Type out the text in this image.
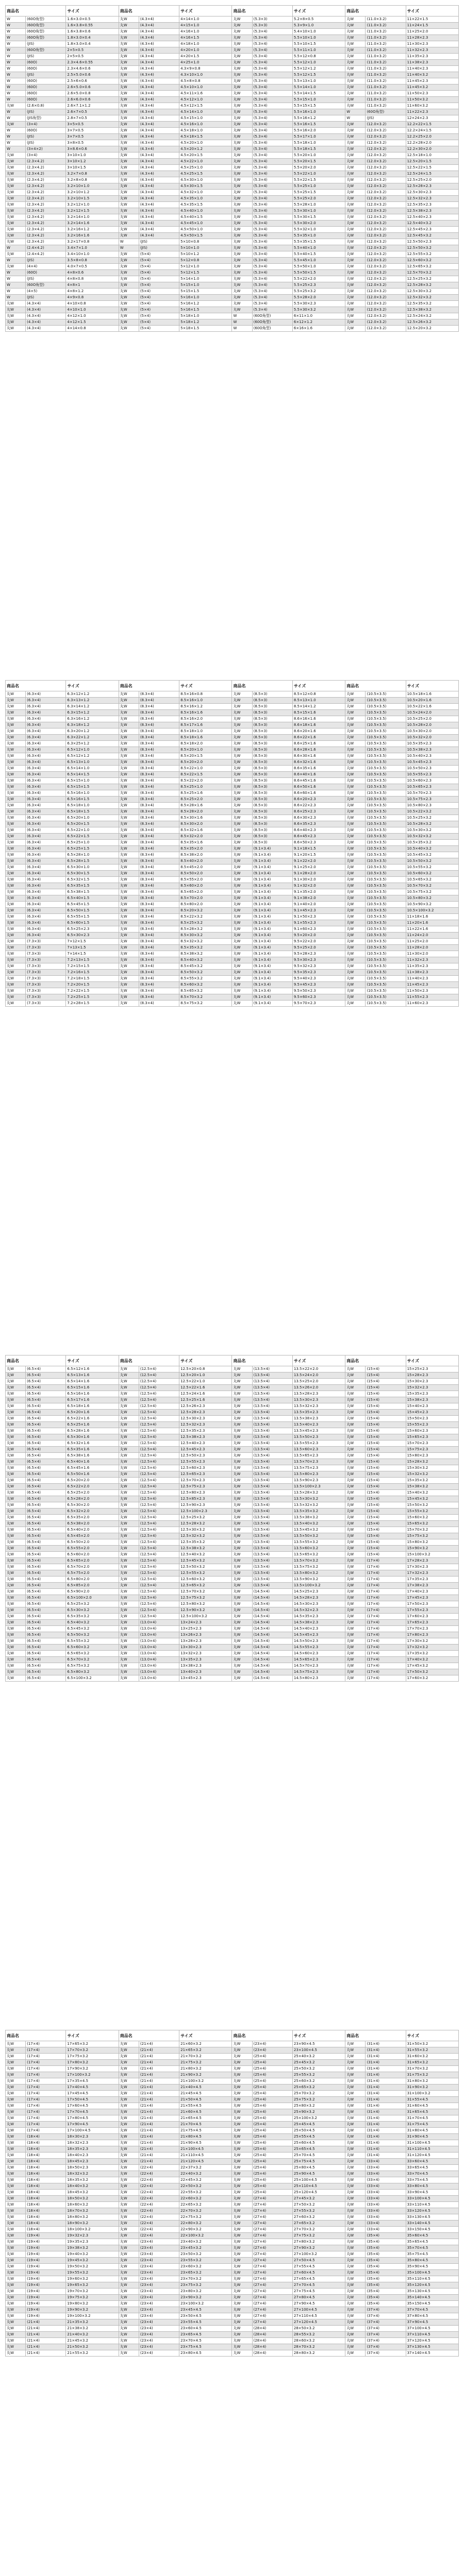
商品名		サイズ	商品名		サイズ	商品名		サイズ	商品名		サイズ
W	(60O角型)	1.6×3.0×0.5	丸W	(4.3×4)	4×14×1.0	丸W	(5.3×3)	5.2×8×0.5	丸W	(11.0×3.2)	11×22×1.5
W	(60O角型)	1.6×3.8×0.55	丸W	(4.3×4)	4×15×1.0	丸W	(5.3×3)	5.3×9×1.0	丸W	(11.0×3.2)	11×24×1.5
W	(60O角型)	1.6×3.8×0.6	丸W	(4.3×4)	4×16×1.0	丸W	(5.3×4)	5.4×10×1.0	丸W	(11.0×3.2)	11×25×2.0
W	(60O角型)	1.8×3.0×0.4	丸W	(4.3×4)	4×16×1.5	丸W	(5.3×4)	5.5×10×1.0	丸W	(11.0×3.2)	11×28×2.3
W	(JIS)	1.8×3.0×0.4	丸W	(4.3×4)	4×18×1.0	丸W	(5.3×4)	5.5×10×1.5	丸W	(11.0×3.2)	11×30×2.3
W	(60O角型)	2×5×0.5	丸W	(4.3×4)	4×20×1.0	丸W	(5.3×4)	5.5×11×1.0	丸W	(11.0×3.2)	11×32×2.3
W	(JIS)	2×5×0.5	丸W	(4.3×4)	4×20×1.5	丸W	(5.3×4)	5.5×12×0.8	丸W	(11.0×3.2)	11×35×2.3
W	(60O)	2.3×4.6×0.55	丸W	(4.3×4)	4×25×1.0	丸W	(5.3×4)	5.5×12×1.0	丸W	(11.0×3.2)	11×38×2.3
W	(60O)	2.3×4.6×0.6	丸W	(4.3×4)	4.3×9×0.8	丸W	(5.3×4)	5.5×12×1.2	丸W	(11.0×3.2)	11×40×2.3
W	(JIS)	2.5×5.0×0.6	丸W	(4.3×4)	4.3×10×1.0	丸W	(5.3×4)	5.5×12×1.5	丸W	(11.0×3.2)	11×40×3.2
W	(60O)	2.5×6×0.6	丸W	(4.3×4)	4.5×8×0.8	丸W	(5.3×4)	5.5×13×1.0	丸W	(11.0×3.2)	11×45×2.3
W	(60O)	2.6×5.0×0.6	丸W	(4.3×4)	4.5×10×1.0	丸W	(5.3×4)	5.5×14×1.0	丸W	(11.0×3.2)	11×45×3.2
W	(60O)	2.6×5.0×0.8	丸W	(4.3×4)	4.5×11×1.6	丸W	(5.3×4)	5.5×14×1.5	丸W	(11.0×3.2)	11×50×2.3
W	(60O)	2.6×6.0×0.6	丸W	(4.3×4)	4.5×12×1.0	丸W	(5.3×4)	5.5×15×1.0	丸W	(11.0×3.2)	11×50×3.2
丸W	(2.6×0.8)	2.6×7.1×1.2	丸W	(4.3×4)	4.5×12×1.5	丸W	(5.3×4)	5.5×15×1.5	丸W	(11.0×3.2)	11×60×3.2
W	(JIS)	2.6×7×0.5	丸W	(4.3×4)	4.5×14×1.0	丸W	(5.3×4)	5.5×16×1.0	W	(60O角型)	11×22×2.3
W	(JIS角型)	2.8×7×0.5	丸W	(4.3×4)	4.5×15×1.0	丸W	(5.3×4)	5.5×16×1.2	W	(JIS)	12×24×2.3
丸W	(3×4)	3×5×0.5	丸W	(4.3×4)	4.5×16×1.0	丸W	(5.3×4)	5.5×16×1.5	丸W	(12.0×3.2)	12.2×22×1.5
W	(60O)	3×7×0.5	丸W	(4.3×4)	4.5×18×1.0	丸W	(5.3×4)	5.5×16×2.0	丸W	(12.0×3.2)	12.2×24×1.5
W	(JIS)	3×7×0.5	丸W	(4.3×4)	4.5×18×1.5	丸W	(5.3×4)	5.5×17×1.0	丸W	(12.0×3.2)	12.2×25×2.0
W	(JIS)	3×8×0.5	丸W	(4.3×4)	4.5×20×1.0	丸W	(5.3×4)	5.5×18×1.0	丸W	(12.0×3.2)	12.2×28×2.0
W	(3×4×2)	3×8.6×0.6	丸W	(4.3×4)	4.5×20×1.2	丸W	(5.3×4)	5.5×18×1.5	丸W	(12.0×3.2)	12.2×30×2.0
丸W	(3×4)	3×10×1.0	丸W	(4.3×4)	4.5×20×1.5	丸W	(5.3×4)	5.5×20×1.0	丸W	(12.0×3.2)	12.5×18×1.0
丸W	(2.3×4.2)	3×10×1.2	丸W	(4.3×4)	4.5×22×1.0	丸W	(5.3×4)	5.5×20×1.5	丸W	(12.0×3.2)	12.5×20×1.5
丸W	(2.3×4.2)	3×10×1.5	丸W	(4.3×4)	4.5×25×1.0	丸W	(5.3×4)	5.5×20×2.0	丸W	(12.0×3.2)	12.5×22×1.5
丸W	(2.3×4.2)	3.2×7×0.8	丸W	(4.3×4)	4.5×25×1.5	丸W	(5.3×4)	5.5×22×1.0	丸W	(12.0×3.2)	12.5×24×1.5
丸W	(2.3×4.2)	3.2×8×0.8	丸W	(4.3×4)	4.5×30×1.0	丸W	(5.3×4)	5.5×22×1.5	丸W	(12.0×3.2)	12.5×25×2.0
丸W	(2.3×4.2)	3.2×10×1.0	丸W	(4.3×4)	4.5×30×1.5	丸W	(5.3×4)	5.5×25×1.0	丸W	(12.0×3.2)	12.5×28×2.3
丸W	(2.3×4.2)	3.2×10×1.2	丸W	(4.3×4)	4.5×32×1.0	丸W	(5.3×4)	5.5×25×1.5	丸W	(12.0×3.2)	12.5×30×2.3
丸W	(2.3×4.2)	3.2×10×1.5	丸W	(4.3×4)	4.5×35×1.0	丸W	(5.3×4)	5.5×25×2.0	丸W	(12.0×3.2)	12.5×32×2.3
丸W	(2.3×4.2)	3.2×12×1.0	丸W	(4.3×4)	4.5×35×1.5	丸W	(5.3×4)	5.5×28×1.0	丸W	(12.0×3.2)	12.5×35×2.3
丸W	(2.3×4.2)	3.2×12×1.5	丸W	(4.3×4)	4.5×40×1.0	丸W	(5.3×4)	5.5×30×1.0	丸W	(12.0×3.2)	12.5×38×2.3
丸W	(2.3×4.2)	3.2×14×1.0	丸W	(4.3×4)	4.5×40×1.5	丸W	(5.3×4)	5.5×30×1.5	丸W	(12.0×3.2)	12.5×40×2.3
丸W	(2.3×4.2)	3.2×14×1.6	丸W	(4.3×4)	4.5×45×1.0	丸W	(5.3×4)	5.5×30×2.0	丸W	(12.0×3.2)	12.5×40×3.2
丸W	(2.3×4.2)	3.2×16×1.2	丸W	(4.3×4)	4.5×50×1.0	丸W	(5.3×4)	5.5×32×1.0	丸W	(12.0×3.2)	12.5×45×2.3
丸W	(2.3×4.2)	3.2×16×1.6	丸W	(4.3×4)	4.5×50×1.5	丸W	(5.3×4)	5.5×35×1.0	丸W	(12.0×3.2)	12.5×45×3.2
丸W	(2.3×4.2)	3.2×17×0.8	W	(JIS)	5×10×0.8	丸W	(5.3×4)	5.5×35×1.5	丸W	(12.0×3.2)	12.5×50×2.3
W	(2.4×4.2)	3.4×7×1.0	W	(JIS)	5×10×1.0	丸W	(5.3×4)	5.5×40×1.0	丸W	(12.0×3.2)	12.5×50×3.2
丸W	(2.4×4.2)	3.4×10×1.0	丸W	(5×4)	5×10×1.2	丸W	(5.3×4)	5.5×40×1.5	丸W	(12.0×3.2)	12.5×55×3.2
W	(JIS)	3.5×8×0.8	丸W	(5×4)	5×12×0.8	丸W	(5.3×4)	5.5×45×1.0	丸W	(12.0×3.2)	12.5×60×3.2
丸W	(4×4)	4.0×7×0.5	丸W	(5×4)	5×12×1.0	丸W	(5.3×4)	5.5×50×1.0	丸W	(12.0×3.2)	12.5×65×3.2
W	(60O)	4×8×0.6	丸W	(5×4)	5×12×1.5	丸W	(5.3×4)	5.5×50×1.5	丸W	(12.0×3.2)	12.5×70×3.2
W	(JIS)	4×8×0.8	丸W	(5×4)	5×14×1.0	丸W	(5.3×4)	5.5×22×2.0	丸W	(12.0×3.2)	12.5×25×3.2
W	(60O角型)	4×8×1	丸W	(5×4)	5×15×1.0	丸W	(5.3×4)	5.5×25×2.3	丸W	(12.0×3.2)	12.5×28×3.2
W	(4×5)	4×8×1.2	丸W	(5×4)	5×15×1.5	丸W	(5.3×4)	5.5×25×3.2	丸W	(12.0×3.2)	12.5×30×3.2
W	(JIS)	4×9×0.8	丸W	(5×4)	5×16×1.0	丸W	(5.3×4)	5.5×28×2.0	丸W	(12.0×3.2)	12.5×32×3.2
丸W	(4.3×4)	4×10×0.8	丸W	(5×4)	5×16×1.2	丸W	(5.3×4)	5.5×30×2.3	丸W	(12.0×3.2)	12.5×35×3.2
丸W	(4.3×4)	4×10×1.0	丸W	(5×4)	5×16×1.5	丸W	(5.3×4)	5.5×30×3.2	丸W	(12.0×3.2)	12.5×38×3.2
丸W	(4.3×4)	4×12×1.0	丸W	(5×4)	5×18×1.0	W	(60O角型)	6×11×1.0	丸W	(12.0×3.2)	12.5×24×3.2
丸W	(4.3×4)	4×12×1.5	丸W	(5×4)	5×18×1.2	W	(60O角型)	6×12×1.2	丸W	(12.0×3.2)	12.5×26×3.2
丸W	(4.3×4)	4×14×0.8	丸W	(5×4)	5×18×1.5	W	(60O角型)	6×16×1.6	丸W	(12.0×3.2)	12.5×20×3.2
商品名		サイズ	商品名		サイズ	商品名		サイズ	商品名		サイズ
丸W	(6.3×4)	6.3×12×1.2	丸W	(8.3×4)	8.5×16×0.8	丸W	(8.5×3)	8.5×12×0.8	丸W	(10.5×3.5)	10.5×18×1.6
丸W	(6.3×4)	6.3×13×1.2	丸W	(8.3×4)	8.5×16×1.0	丸W	(8.5×3)	8.5×13×1.0	丸W	(10.5×3.5)	10.5×20×1.6
丸W	(6.3×4)	6.3×14×1.2	丸W	(8.3×4)	8.5×16×1.2	丸W	(8.5×3)	8.5×14×1.2	丸W	(10.5×3.5)	10.5×22×1.6
丸W	(6.3×4)	6.3×15×1.2	丸W	(8.3×4)	8.5×16×1.6	丸W	(8.5×3)	8.5×15×1.6	丸W	(10.5×3.5)	10.5×24×2.0
丸W	(6.3×4)	6.3×16×1.2	丸W	(8.3×4)	8.5×16×2.0	丸W	(8.5×3)	8.6×16×1.6	丸W	(10.5×3.5)	10.5×25×2.0
丸W	(6.3×4)	6.3×18×1.2	丸W	(8.3×4)	8.5×17×1.6	丸W	(8.5×3)	8.6×18×1.6	丸W	(10.5×3.5)	10.5×28×2.0
丸W	(6.3×4)	6.3×20×1.2	丸W	(8.3×4)	8.5×18×1.0	丸W	(8.5×3)	8.6×20×1.6	丸W	(10.5×3.5)	10.5×30×2.0
丸W	(6.3×4)	6.3×22×1.2	丸W	(8.3×4)	8.5×18×1.6	丸W	(8.5×3)	8.6×22×1.6	丸W	(10.5×3.5)	10.5×32×2.0
丸W	(6.3×4)	6.3×25×1.2	丸W	(8.3×4)	8.5×18×2.0	丸W	(8.5×3)	8.6×25×1.6	丸W	(10.5×3.5)	10.5×35×2.3
丸W	(6.3×4)	6.5×12×1.0	丸W	(8.3×4)	8.5×20×1.0	丸W	(8.5×3)	8.6×28×1.6	丸W	(10.5×3.5)	10.5×38×2.3
丸W	(6.3×4)	6.5×12×1.2	丸W	(8.3×4)	8.5×20×1.5	丸W	(8.5×3)	8.6×30×1.6	丸W	(10.5×3.5)	10.5×40×2.3
丸W	(6.3×4)	6.5×13×1.0	丸W	(8.3×4)	8.5×20×2.0	丸W	(8.5×3)	8.6×32×1.6	丸W	(10.5×3.5)	10.5×45×2.3
丸W	(6.3×4)	6.5×14×1.0	丸W	(8.3×4)	8.5×22×1.0	丸W	(8.5×3)	8.6×35×1.6	丸W	(10.5×3.5)	10.5×50×2.3
丸W	(6.3×4)	6.5×14×1.5	丸W	(8.3×4)	8.5×22×1.5	丸W	(8.5×3)	8.6×40×1.6	丸W	(10.5×3.5)	10.5×55×2.3
丸W	(6.3×4)	6.5×15×1.0	丸W	(8.3×4)	8.5×22×2.0	丸W	(8.5×3)	8.6×45×1.6	丸W	(10.5×3.5)	10.5×60×2.3
丸W	(6.3×4)	6.5×15×1.5	丸W	(8.3×4)	8.5×25×1.0	丸W	(8.5×3)	8.6×50×1.6	丸W	(10.5×3.5)	10.5×65×2.3
丸W	(6.3×4)	6.5×16×1.0	丸W	(8.3×4)	8.5×25×1.6	丸W	(8.5×3)	8.6×60×1.6	丸W	(10.5×3.5)	10.5×70×2.3
丸W	(6.3×4)	6.5×16×1.5	丸W	(8.3×4)	8.5×25×2.0	丸W	(8.5×3)	8.6×20×2.3	丸W	(10.5×3.5)	10.5×75×2.3
丸W	(6.3×4)	6.5×18×1.0	丸W	(8.3×4)	8.5×28×1.6	丸W	(8.5×3)	8.6×22×2.3	丸W	(10.5×3.5)	10.5×80×2.3
丸W	(6.3×4)	6.5×18×1.5	丸W	(8.3×4)	8.5×28×2.0	丸W	(8.5×3)	8.6×25×2.3	丸W	(10.5×3.5)	10.5×22×3.2
丸W	(6.3×4)	6.5×20×1.0	丸W	(8.3×4)	8.5×30×1.6	丸W	(8.5×3)	8.6×30×2.3	丸W	(10.5×3.5)	10.5×25×3.2
丸W	(6.3×4)	6.5×20×1.5	丸W	(8.3×4)	8.5×30×2.0	丸W	(8.5×3)	8.6×35×2.3	丸W	(10.5×3.5)	10.5×28×3.2
丸W	(6.3×4)	6.5×22×1.0	丸W	(8.3×4)	8.5×32×1.6	丸W	(8.5×3)	8.6×40×2.3	丸W	(10.5×3.5)	10.5×30×3.2
丸W	(6.3×4)	6.5×22×1.5	丸W	(8.3×4)	8.5×32×2.0	丸W	(8.5×3)	8.6×45×2.3	丸W	(10.5×3.5)	10.5×32×3.2
丸W	(6.3×4)	6.5×25×1.0	丸W	(8.3×4)	8.5×35×1.6	丸W	(8.5×3)	8.6×50×2.3	丸W	(10.5×3.5)	10.5×35×3.2
丸W	(6.3×4)	6.5×25×1.5	丸W	(8.3×4)	8.5×35×2.0	丸W	(9.1×3.4)	9.1×18×1.5	丸W	(10.5×3.5)	10.5×40×3.2
丸W	(6.3×4)	6.5×28×1.0	丸W	(8.3×4)	8.5×38×2.0	丸W	(9.1×3.4)	9.1×20×1.5	丸W	(10.5×3.5)	10.5×45×3.2
丸W	(6.3×4)	6.5×28×1.5	丸W	(8.3×4)	8.5×40×2.0	丸W	(9.1×3.4)	9.1×22×2.0	丸W	(10.5×3.5)	10.5×50×3.2
丸W	(6.3×4)	6.5×30×1.0	丸W	(8.3×4)	8.5×45×2.0	丸W	(9.1×3.4)	9.1×25×2.0	丸W	(10.5×3.5)	10.5×55×3.2
丸W	(6.3×4)	6.5×30×1.5	丸W	(8.3×4)	8.5×50×2.0	丸W	(9.1×3.4)	9.1×28×2.0	丸W	(10.5×3.5)	10.5×60×3.2
丸W	(6.3×4)	6.5×32×1.5	丸W	(8.3×4)	8.5×55×2.0	丸W	(9.1×3.4)	9.1×30×2.0	丸W	(10.5×3.5)	10.5×65×3.2
丸W	(6.3×4)	6.5×35×1.5	丸W	(8.3×4)	8.5×60×2.0	丸W	(9.1×3.4)	9.1×32×2.0	丸W	(10.5×3.5)	10.5×70×3.2
丸W	(6.3×4)	6.5×38×1.5	丸W	(8.3×4)	8.5×65×2.0	丸W	(9.1×3.4)	9.1×35×2.0	丸W	(10.5×3.5)	10.5×75×3.2
丸W	(6.3×4)	6.5×40×1.5	丸W	(8.3×4)	8.5×70×2.0	丸W	(9.1×3.4)	9.1×38×2.0	丸W	(10.5×3.5)	10.5×80×3.2
丸W	(6.3×4)	6.5×45×1.5	丸W	(8.3×4)	8.5×80×2.0	丸W	(9.1×3.4)	9.1×40×2.0	丸W	(10.5×3.5)	10.5×90×3.2
丸W	(6.3×4)	6.5×50×1.5	丸W	(8.3×4)	8.5×20×3.2	丸W	(9.1×3.4)	9.1×45×2.3	丸W	(10.5×3.5)	10.5×100×3.2
丸W	(6.3×4)	6.5×55×1.5	丸W	(8.3×4)	8.5×22×3.2	丸W	(9.1×3.4)	9.1×50×2.3	丸W	(10.5×3.5)	11×18×1.6
丸W	(6.3×4)	6.5×60×1.5	丸W	(8.3×4)	8.5×25×3.2	丸W	(9.1×3.4)	9.1×55×2.3	丸W	(10.5×3.5)	11×20×1.6
丸W	(6.3×4)	6.5×25×2.3	丸W	(8.3×4)	8.5×28×3.2	丸W	(9.1×3.4)	9.1×60×2.3	丸W	(10.5×3.5)	11×22×1.6
丸W	(6.3×4)	6.5×30×2.3	丸W	(8.3×4)	8.5×30×3.2	丸W	(9.1×3.4)	9.5×20×2.0	丸W	(10.5×3.5)	11×24×2.0
丸W	(7.3×3)	7×12×1.5	丸W	(8.3×4)	8.5×32×3.2	丸W	(9.1×3.4)	9.5×22×2.0	丸W	(10.5×3.5)	11×25×2.0
丸W	(7.3×3)	7×13×1.5	丸W	(8.3×4)	8.5×35×3.2	丸W	(9.1×3.4)	9.5×25×2.0	丸W	(10.5×3.5)	11×28×2.0
丸W	(7.3×3)	7×14×1.5	丸W	(8.3×4)	8.5×38×3.2	丸W	(9.1×3.4)	9.5×28×2.3	丸W	(10.5×3.5)	11×30×2.0
丸W	(7.3×3)	7.2×13×1.5	丸W	(8.3×4)	8.5×40×3.2	丸W	(9.1×3.4)	9.5×30×2.3	丸W	(10.5×3.5)	11×32×2.3
丸W	(7.3×3)	7.2×15×1.5	丸W	(8.3×4)	8.5×45×3.2	丸W	(9.1×3.4)	9.5×32×2.3	丸W	(10.5×3.5)	11×35×2.3
丸W	(7.3×3)	7.2×16×1.5	丸W	(8.3×4)	8.5×50×3.2	丸W	(9.1×3.4)	9.5×35×2.3	丸W	(10.5×3.5)	11×38×2.3
丸W	(7.3×3)	7.2×18×1.5	丸W	(8.3×4)	8.5×55×3.2	丸W	(9.1×3.4)	9.5×40×2.3	丸W	(10.5×3.5)	11×40×2.3
丸W	(7.3×3)	7.2×20×1.5	丸W	(8.3×4)	8.5×60×3.2	丸W	(9.1×3.4)	9.5×45×2.3	丸W	(10.5×3.5)	11×45×2.3
丸W	(7.3×3)	7.2×22×1.5	丸W	(8.3×4)	8.5×65×3.2	丸W	(9.1×3.4)	9.5×50×2.3	丸W	(10.5×3.5)	11×50×2.3
丸W	(7.3×3)	7.2×25×1.5	丸W	(8.3×4)	8.5×70×3.2	丸W	(9.1×3.4)	9.5×60×2.3	丸W	(10.5×3.5)	11×55×2.3
丸W	(7.3×3)	7.2×28×1.5	丸W	(8.3×4)	8.5×75×3.2	丸W	(9.1×3.4)	9.5×70×2.3	丸W	(10.5×3.5)	11×60×2.3
商品名		サイズ	商品名		サイズ	商品名		サイズ	商品名		サイズ
丸W	(6.5×4)	6.5×12×1.6	丸W	(12.5×4)	12.5×20×0.8	丸W	(13.5×4)	13.5×22×2.0	丸W	(15×4)	15×25×2.3
丸W	(6.5×4)	6.5×13×1.6	丸W	(12.5×4)	12.5×20×1.0	丸W	(13.5×4)	13.5×24×2.0	丸W	(15×4)	15×28×2.3
丸W	(6.5×4)	6.5×14×1.6	丸W	(12.5×4)	12.5×22×1.0	丸W	(13.5×4)	13.5×25×2.0	丸W	(15×4)	15×30×2.3
丸W	(6.5×4)	6.5×15×1.6	丸W	(12.5×4)	12.5×22×1.6	丸W	(13.5×4)	13.5×26×2.0	丸W	(15×4)	15×32×2.3
丸W	(6.5×4)	6.5×16×1.6	丸W	(12.5×4)	12.5×24×1.6	丸W	(13.5×4)	13.5×28×2.3	丸W	(15×4)	15×35×2.3
丸W	(6.5×4)	6.5×17×1.6	丸W	(12.5×4)	12.5×25×1.6	丸W	(13.5×4)	13.5×30×2.3	丸W	(15×4)	15×38×2.3
丸W	(6.5×4)	6.5×18×1.6	丸W	(12.5×4)	12.5×26×2.3	丸W	(13.5×4)	13.5×32×2.3	丸W	(15×4)	15×40×2.3
丸W	(6.5×4)	6.5×20×1.6	丸W	(12.5×4)	12.5×28×2.3	丸W	(13.5×4)	13.5×35×2.3	丸W	(15×4)	15×45×2.3
丸W	(6.5×4)	6.5×22×1.6	丸W	(12.5×4)	12.5×30×2.3	丸W	(13.5×4)	13.5×38×2.3	丸W	(15×4)	15×50×2.3
丸W	(6.5×4)	6.5×25×1.6	丸W	(12.5×4)	12.5×32×2.3	丸W	(13.5×4)	13.5×40×2.3	丸W	(15×4)	15×55×2.3
丸W	(6.5×4)	6.5×28×1.6	丸W	(12.5×4)	12.5×35×2.3	丸W	(13.5×4)	13.5×45×2.3	丸W	(15×4)	15×60×2.3
丸W	(6.5×4)	6.5×30×1.6	丸W	(12.5×4)	12.5×38×2.3	丸W	(13.5×4)	13.5×50×2.3	丸W	(15×4)	15×65×2.3
丸W	(6.5×4)	6.5×32×1.6	丸W	(12.5×4)	12.5×40×2.3	丸W	(13.5×4)	13.5×55×2.3	丸W	(15×4)	15×70×2.3
丸W	(6.5×4)	6.5×35×1.6	丸W	(12.5×4)	12.5×45×2.3	丸W	(13.5×4)	13.5×60×2.3	丸W	(15×4)	15×75×2.3
丸W	(6.5×4)	6.5×38×1.6	丸W	(12.5×4)	12.5×50×2.3	丸W	(13.5×4)	13.5×65×2.3	丸W	(15×4)	15×80×2.3
丸W	(6.5×4)	6.5×40×1.6	丸W	(12.5×4)	12.5×55×2.3	丸W	(13.5×4)	13.5×70×2.3	丸W	(15×4)	15×28×3.2
丸W	(6.5×4)	6.5×45×1.6	丸W	(12.5×4)	12.5×60×2.3	丸W	(13.5×4)	13.5×75×2.3	丸W	(15×4)	15×30×3.2
丸W	(6.5×4)	6.5×50×1.6	丸W	(12.5×4)	12.5×65×2.3	丸W	(13.5×4)	13.5×80×2.3	丸W	(15×4)	15×32×3.2
丸W	(6.5×4)	6.5×20×2.0	丸W	(12.5×4)	12.5×70×2.3	丸W	(13.5×4)	13.5×90×2.3	丸W	(15×4)	15×35×3.2
丸W	(6.5×4)	6.5×22×2.0	丸W	(12.5×4)	12.5×75×2.3	丸W	(13.5×4)	13.5×100×2.3	丸W	(15×4)	15×38×3.2
丸W	(6.5×4)	6.5×25×2.0	丸W	(12.5×4)	12.5×80×2.3	丸W	(13.5×4)	13.5×28×3.2	丸W	(15×4)	15×40×3.2
丸W	(6.5×4)	6.5×28×2.0	丸W	(12.5×4)	12.5×85×2.3	丸W	(13.5×4)	13.5×30×3.2	丸W	(15×4)	15×45×3.2
丸W	(6.5×4)	6.5×30×2.0	丸W	(12.5×4)	12.5×90×2.3	丸W	(13.5×4)	13.5×32×3.2	丸W	(15×4)	15×50×3.2
丸W	(6.5×4)	6.5×32×2.0	丸W	(12.5×4)	12.5×100×2.3	丸W	(13.5×4)	13.5×35×3.2	丸W	(15×4)	15×55×3.2
丸W	(6.5×4)	6.5×35×2.0	丸W	(12.5×4)	12.5×25×3.2	丸W	(13.5×4)	13.5×38×3.2	丸W	(15×4)	15×60×3.2
丸W	(6.5×4)	6.5×38×2.0	丸W	(12.5×4)	12.5×28×3.2	丸W	(13.5×4)	13.5×40×3.2	丸W	(15×4)	15×65×3.2
丸W	(6.5×4)	6.5×40×2.0	丸W	(12.5×4)	12.5×30×3.2	丸W	(13.5×4)	13.5×45×3.2	丸W	(15×4)	15×70×3.2
丸W	(6.5×4)	6.5×45×2.0	丸W	(12.5×4)	12.5×32×3.2	丸W	(13.5×4)	13.5×50×3.2	丸W	(15×4)	15×75×3.2
丸W	(6.5×4)	6.5×50×2.0	丸W	(12.5×4)	12.5×35×3.2	丸W	(13.5×4)	13.5×55×3.2	丸W	(15×4)	15×80×3.2
丸W	(6.5×4)	6.5×55×2.0	丸W	(12.5×4)	12.5×38×3.2	丸W	(13.5×4)	13.5×60×3.2	丸W	(15×4)	15×90×3.2
丸W	(6.5×4)	6.5×60×2.0	丸W	(12.5×4)	12.5×40×3.2	丸W	(13.5×4)	13.5×65×3.2	丸W	(15×4)	15×100×3.2
丸W	(6.5×4)	6.5×65×2.0	丸W	(12.5×4)	12.5×45×3.2	丸W	(13.5×4)	13.5×70×3.2	丸W	(17×4)	17×28×2.3
丸W	(6.5×4)	6.5×70×2.0	丸W	(12.5×4)	12.5×50×3.2	丸W	(13.5×4)	13.5×75×3.2	丸W	(17×4)	17×30×2.3
丸W	(6.5×4)	6.5×75×2.0	丸W	(12.5×4)	12.5×55×3.2	丸W	(13.5×4)	13.5×80×3.2	丸W	(17×4)	17×32×2.3
丸W	(6.5×4)	6.5×80×2.0	丸W	(12.5×4)	12.5×60×3.2	丸W	(13.5×4)	13.5×90×3.2	丸W	(17×4)	17×35×2.3
丸W	(6.5×4)	6.5×85×2.0	丸W	(12.5×4)	12.5×65×3.2	丸W	(13.5×4)	13.5×100×3.2	丸W	(17×4)	17×38×2.3
丸W	(6.5×4)	6.5×90×2.0	丸W	(12.5×4)	12.5×70×3.2	丸W	(14.5×4)	14.5×25×2.3	丸W	(17×4)	17×40×2.3
丸W	(6.5×4)	6.5×100×2.0	丸W	(12.5×4)	12.5×75×3.2	丸W	(14.5×4)	14.5×28×2.3	丸W	(17×4)	17×45×2.3
丸W	(6.5×4)	6.5×25×3.2	丸W	(12.5×4)	12.5×80×3.2	丸W	(14.5×4)	14.5×30×2.3	丸W	(17×4)	17×50×2.3
丸W	(6.5×4)	6.5×30×3.2	丸W	(12.5×4)	12.5×90×3.2	丸W	(14.5×4)	14.5×32×2.3	丸W	(17×4)	17×55×2.3
丸W	(6.5×4)	6.5×35×3.2	丸W	(12.5×4)	12.5×100×3.2	丸W	(14.5×4)	14.5×35×2.3	丸W	(17×4)	17×60×2.3
丸W	(6.5×4)	6.5×40×3.2	丸W	(13.0×4)	13×24×2.3	丸W	(14.5×4)	14.5×38×2.3	丸W	(17×4)	17×65×2.3
丸W	(6.5×4)	6.5×45×3.2	丸W	(13.0×4)	13×25×2.3	丸W	(14.5×4)	14.5×40×2.3	丸W	(17×4)	17×70×2.3
丸W	(6.5×4)	6.5×50×3.2	丸W	(13.0×4)	13×26×2.3	丸W	(14.5×4)	14.5×45×2.3	丸W	(17×4)	17×80×2.3
丸W	(6.5×4)	6.5×55×3.2	丸W	(13.0×4)	13×28×2.3	丸W	(14.5×4)	14.5×50×2.3	丸W	(17×4)	17×30×3.2
丸W	(6.5×4)	6.5×60×3.2	丸W	(13.0×4)	13×30×2.3	丸W	(14.5×4)	14.5×55×2.3	丸W	(17×4)	17×32×3.2
丸W	(6.5×4)	6.5×65×3.2	丸W	(13.0×4)	13×32×2.3	丸W	(14.5×4)	14.5×60×2.3	丸W	(17×4)	17×35×3.2
丸W	(6.5×4)	6.5×70×3.2	丸W	(13.0×4)	13×35×2.3	丸W	(14.5×4)	14.5×65×2.3	丸W	(17×4)	17×40×3.2
丸W	(6.5×4)	6.5×75×3.2	丸W	(13.0×4)	13×38×2.3	丸W	(14.5×4)	14.5×70×2.3	丸W	(17×4)	17×45×3.2
丸W	(6.5×4)	6.5×80×3.2	丸W	(13.0×4)	13×40×2.3	丸W	(14.5×4)	14.5×75×2.3	丸W	(17×4)	17×50×3.2
丸W	(6.5×4)	6.5×100×3.2	丸W	(13.0×4)	13×45×2.3	丸W	(14.5×4)	14.5×80×2.3	丸W	(17×4)	17×60×3.2
商品名		サイズ	商品名		サイズ	商品名		サイズ	商品名		サイズ
丸W	(17×4)	17×65×3.2	丸W	(21×4)	21×60×3.2	丸W	(23×4)	23×90×4.5	丸W	(31×4)	31×50×3.2
丸W	(17×4)	17×70×3.2	丸W	(21×4)	21×65×3.2	丸W	(23×4)	23×100×4.5	丸W	(31×4)	31×55×3.2
丸W	(17×4)	17×75×3.2	丸W	(21×4)	21×70×3.2	丸W	(25×4)	25×40×3.2	丸W	(31×4)	31×60×3.2
丸W	(17×4)	17×80×3.2	丸W	(21×4)	21×75×3.2	丸W	(25×4)	25×45×3.2	丸W	(31×4)	31×65×3.2
丸W	(17×4)	17×90×3.2	丸W	(21×4)	21×80×3.2	丸W	(25×4)	25×50×3.2	丸W	(31×4)	31×70×3.2
丸W	(17×4)	17×100×3.2	丸W	(21×4)	21×90×3.2	丸W	(25×4)	25×55×3.2	丸W	(31×4)	31×75×3.2
丸W	(17×4)	17×35×4.5	丸W	(21×4)	21×100×3.2	丸W	(25×4)	25×60×3.2	丸W	(31×4)	31×80×3.2
丸W	(17×4)	17×40×4.5	丸W	(21×4)	21×40×4.5	丸W	(25×4)	25×65×3.2	丸W	(31×4)	31×90×3.2
丸W	(17×4)	17×45×4.5	丸W	(21×4)	21×45×4.5	丸W	(25×4)	25×70×3.2	丸W	(31×4)	31×100×3.2
丸W	(17×4)	17×50×4.5	丸W	(21×4)	21×50×4.5	丸W	(25×4)	25×75×3.2	丸W	(31×4)	31×55×4.5
丸W	(17×4)	17×60×4.5	丸W	(21×4)	21×55×4.5	丸W	(25×4)	25×80×3.2	丸W	(31×4)	31×60×4.5
丸W	(17×4)	17×70×4.5	丸W	(21×4)	21×60×4.5	丸W	(25×4)	25×90×3.2	丸W	(31×4)	31×65×4.5
丸W	(17×4)	17×80×4.5	丸W	(21×4)	21×65×4.5	丸W	(25×4)	25×100×3.2	丸W	(31×4)	31×70×4.5
丸W	(17×4)	17×90×4.5	丸W	(21×4)	21×70×4.5	丸W	(25×4)	25×45×4.5	丸W	(31×4)	31×75×4.5
丸W	(17×4)	17×100×4.5	丸W	(21×4)	21×75×4.5	丸W	(25×4)	25×50×4.5	丸W	(31×4)	31×80×4.5
丸W	(18×4)	18×30×2.3	丸W	(21×4)	21×80×4.5	丸W	(25×4)	25×55×4.5	丸W	(31×4)	31×90×4.5
丸W	(18×4)	18×32×2.3	丸W	(21×4)	21×90×4.5	丸W	(25×4)	25×60×4.5	丸W	(31×4)	31×100×4.5
丸W	(18×4)	18×35×2.3	丸W	(21×4)	21×100×4.5	丸W	(25×4)	25×65×4.5	丸W	(31×4)	31×110×4.5
丸W	(18×4)	18×40×2.3	丸W	(21×4)	21×110×4.5	丸W	(25×4)	25×70×4.5	丸W	(31×4)	31×120×4.5
丸W	(18×4)	18×45×2.3	丸W	(21×4)	21×120×4.5	丸W	(25×4)	25×75×4.5	丸W	(33×4)	33×60×4.5
丸W	(18×4)	18×50×2.3	丸W	(22×4)	22×37×3.2	丸W	(25×4)	25×80×4.5	丸W	(33×4)	33×65×4.5
丸W	(18×4)	18×32×3.2	丸W	(22×4)	22×40×3.2	丸W	(25×4)	25×90×4.5	丸W	(33×4)	33×70×4.5
丸W	(18×4)	18×35×3.2	丸W	(22×4)	22×45×3.2	丸W	(25×4)	25×100×4.5	丸W	(33×4)	33×75×4.5
丸W	(18×4)	18×40×3.2	丸W	(22×4)	22×50×3.2	丸W	(25×4)	25×110×4.5	丸W	(33×4)	33×80×4.5
丸W	(18×4)	18×45×3.2	丸W	(22×4)	22×55×3.2	丸W	(25×4)	25×120×4.5	丸W	(33×4)	33×90×4.5
丸W	(18×4)	18×50×3.2	丸W	(22×4)	22×60×3.2	丸W	(27×4)	27×45×3.2	丸W	(33×4)	33×100×4.5
丸W	(18×4)	18×60×3.2	丸W	(22×4)	22×65×3.2	丸W	(27×4)	27×50×3.2	丸W	(33×4)	33×110×4.5
丸W	(18×4)	18×70×3.2	丸W	(22×4)	22×70×3.2	丸W	(27×4)	27×55×3.2	丸W	(33×4)	33×120×4.5
丸W	(18×4)	18×80×3.2	丸W	(22×4)	22×75×3.2	丸W	(27×4)	27×60×3.2	丸W	(33×4)	33×130×4.5
丸W	(18×4)	18×90×3.2	丸W	(22×4)	22×80×3.2	丸W	(27×4)	27×65×3.2	丸W	(33×4)	33×140×4.5
丸W	(18×4)	18×100×3.2	丸W	(22×4)	22×90×3.2	丸W	(27×4)	27×70×3.2	丸W	(33×4)	33×150×4.5
丸W	(19×4)	19×32×2.3	丸W	(22×4)	22×100×3.2	丸W	(27×4)	27×75×3.2	丸W	(35×4)	35×60×4.5
丸W	(19×4)	19×35×2.3	丸W	(23×4)	23×40×3.2	丸W	(27×4)	27×80×3.2	丸W	(35×4)	35×65×4.5
丸W	(19×4)	19×38×3.2	丸W	(23×4)	23×45×3.2	丸W	(27×4)	27×90×3.2	丸W	(35×4)	35×70×4.5
丸W	(19×4)	19×40×3.2	丸W	(23×4)	23×50×3.2	丸W	(27×4)	27×100×3.2	丸W	(35×4)	35×75×4.5
丸W	(19×4)	19×45×3.2	丸W	(23×4)	23×55×3.2	丸W	(27×4)	27×50×4.5	丸W	(35×4)	35×80×4.5
丸W	(19×4)	19×50×3.2	丸W	(23×4)	23×60×3.2	丸W	(27×4)	27×55×4.5	丸W	(35×4)	35×90×4.5
丸W	(19×4)	19×55×3.2	丸W	(23×4)	23×65×3.2	丸W	(27×4)	27×60×4.5	丸W	(35×4)	35×100×4.5
丸W	(19×4)	19×60×3.2	丸W	(23×4)	23×70×3.2	丸W	(27×4)	27×65×4.5	丸W	(35×4)	35×110×4.5
丸W	(19×4)	19×65×3.2	丸W	(23×4)	23×75×3.2	丸W	(27×4)	27×70×4.5	丸W	(35×4)	35×120×4.5
丸W	(19×4)	19×70×3.2	丸W	(23×4)	23×80×3.2	丸W	(27×4)	27×75×4.5	丸W	(35×4)	35×130×4.5
丸W	(19×4)	19×75×3.2	丸W	(23×4)	23×90×3.2	丸W	(27×4)	27×80×4.5	丸W	(35×4)	35×140×4.5
丸W	(19×4)	19×80×3.2	丸W	(23×4)	23×100×3.2	丸W	(27×4)	27×90×4.5	丸W	(35×4)	35×150×4.5
丸W	(19×4)	19×90×3.2	丸W	(23×4)	23×45×4.5	丸W	(27×4)	27×100×4.5	丸W	(37×4)	37×70×4.5
丸W	(19×4)	19×100×3.2	丸W	(23×4)	23×50×4.5	丸W	(27×4)	27×110×4.5	丸W	(37×4)	37×80×4.5
丸W	(21×4)	21×35×3.2	丸W	(23×4)	23×55×4.5	丸W	(27×4)	27×120×4.5	丸W	(37×4)	37×90×4.5
丸W	(21×4)	21×38×3.2	丸W	(23×4)	23×60×4.5	丸W	(28×4)	28×50×3.2	丸W	(37×4)	37×100×4.5
丸W	(21×4)	21×40×3.2	丸W	(23×4)	23×65×4.5	丸W	(28×4)	28×55×3.2	丸W	(37×4)	37×110×4.5
丸W	(21×4)	21×45×3.2	丸W	(23×4)	23×70×4.5	丸W	(28×4)	28×60×3.2	丸W	(37×4)	37×120×4.5
丸W	(21×4)	21×50×3.2	丸W	(23×4)	23×75×4.5	丸W	(28×4)	28×70×3.2	丸W	(37×4)	37×130×4.5
丸W	(21×4)	21×55×3.2	丸W	(23×4)	23×80×4.5	丸W	(28×4)	28×80×3.2	丸W	(37×4)	37×140×4.5
